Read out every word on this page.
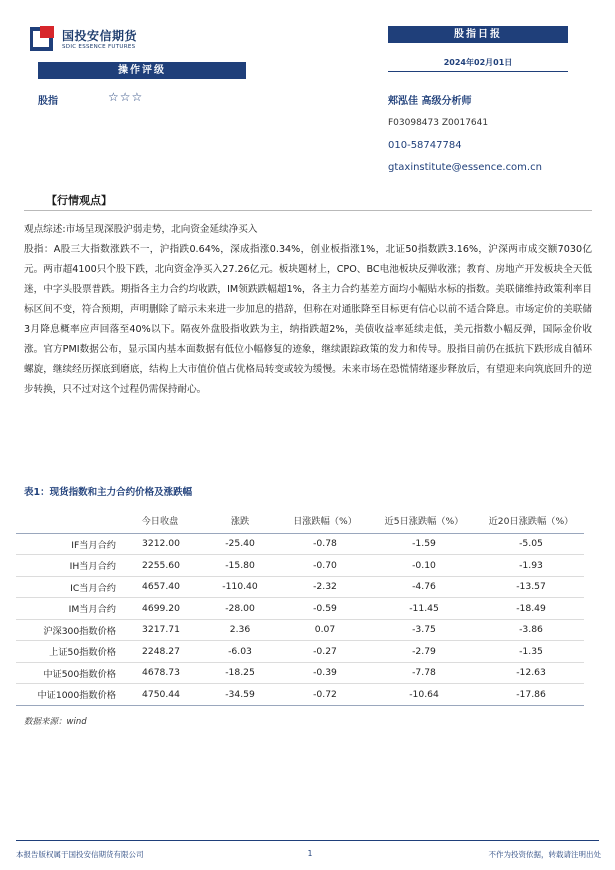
国投安信期货
SDIC ESSENCE FUTURES
股指日报
2024年02月01日
操作评级
股指	☆☆☆	郏泓佳 高级分析师
F03098473 Z0017641
010-58747784
gtaxinstitute@essence.com.cn
【行情观点】

观点综述:市场呈现深股沪弱走势，北向资金延续净买入

股指：A股三大指数涨跌不一，沪指跌0.64%，深成指涨0.34%，创业板指涨1%，北证50指数跌3.16%，沪深两市成交额7030亿元。两市超4100只个股下跌，北向资金净买入27.26亿元。板块题材上，CPO、BC电池板块反弹收涨；教育、房地产开发板块全天低迷，中字头股票普跌。期指各主力合约均收跌，IM领跌跌幅超1%，各主力合约基差方面均小幅贴水标的指数。美联储维持政策利率目标区间不变，符合预期，声明删除了暗示未来进一步加息的措辞，但称在对通胀降至目标更有信心以前不适合降息。市场定价的美联储3月降息概率应声回落至40%以下。隔夜外盘股指收跌为主，纳指跌超2%，美债收益率延续走低，美元指数小幅反弹，国际金价收涨。官方PMI数据公布，显示国内基本面数据有低位小幅修复的迹象，继续跟踪政策的发力和传导。股指目前仍在抵抗下跌形成自循环螺旋，继续经历探底到磨底，结构上大市值价值占优格局转变或较为缓慢。未来市场在恐慌情绪逐步释放后，有望迎来向筑底回升的逆步转换，只不过对这个过程仍需保持耐心。

表1：现货指数和主力合约价格及涨跌幅
	今日收盘	涨跌	日涨跌幅（%）	近5日涨跌幅（%）	近20日涨跌幅（%）
IF当月合约	3212.00	-25.40	-0.78	-1.59	-5.05
IH当月合约	2255.60	-15.80	-0.70	-0.10	-1.93
IC当月合约	4657.40	-110.40	-2.32	-4.76	-13.57
IM当月合约	4699.20	-28.00	-0.59	-11.45	-18.49
沪深300指数价格	3217.71	2.36	0.07	-3.75	-3.86
上证50指数价格	2248.27	-6.03	-0.27	-2.79	-1.35
中证500指数价格	4678.73	-18.25	-0.39	-7.78	-12.63
中证1000指数价格	4750.44	-34.59	-0.72	-10.64	-17.86
数据来源：wind
本报告版权属于国投安信期货有限公司	1	不作为投资依据，转载请注明出处
